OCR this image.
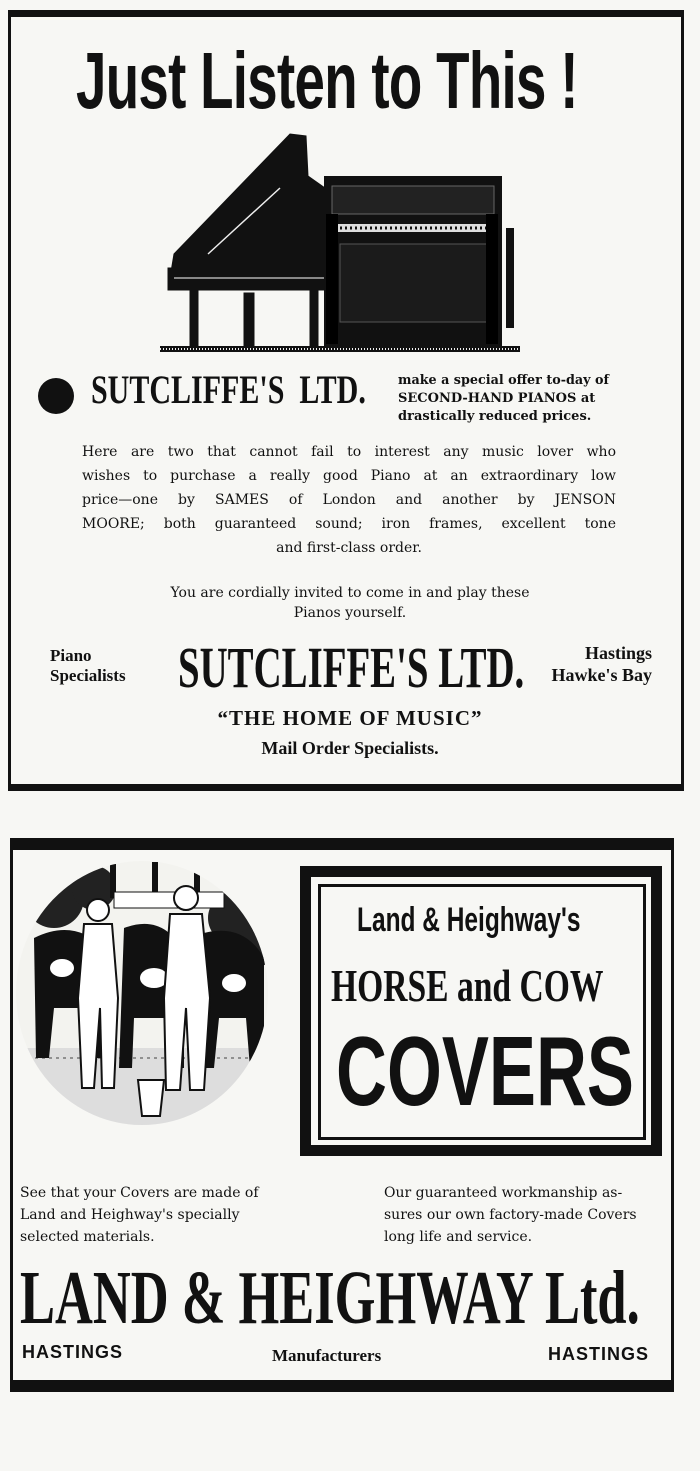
Just Listen to This !
SUTCLIFFE'S  LTD. make a special offer to-day of
SECOND-HAND PIANOS at
drastically reduced prices.
Here are two that cannot fail to interest any music lover who
wishes to purchase a really good Piano at an extraordinary low
price—one by SAMES of London and another by JENSON
MOORE; both guaranteed sound; iron frames, excellent tone
and first-class order.
You are cordially invited to come in and play these
Pianos yourself.
Piano
Specialists SUTCLIFFE'S LTD.	Hastings
Hawke's Bay
“THE HOME OF MUSIC”
Mail Order Specialists.
Land & Heighway's
HORSE and COW
COVERS
See that your Covers are made of
Land and Heighway's specially
selected materials.
Our guaranteed workmanship as-
sures our own factory-made Covers
long life and service.
LAND & HEIGHWAY Ltd.
HASTINGS	Manufacturers	HASTINGS
